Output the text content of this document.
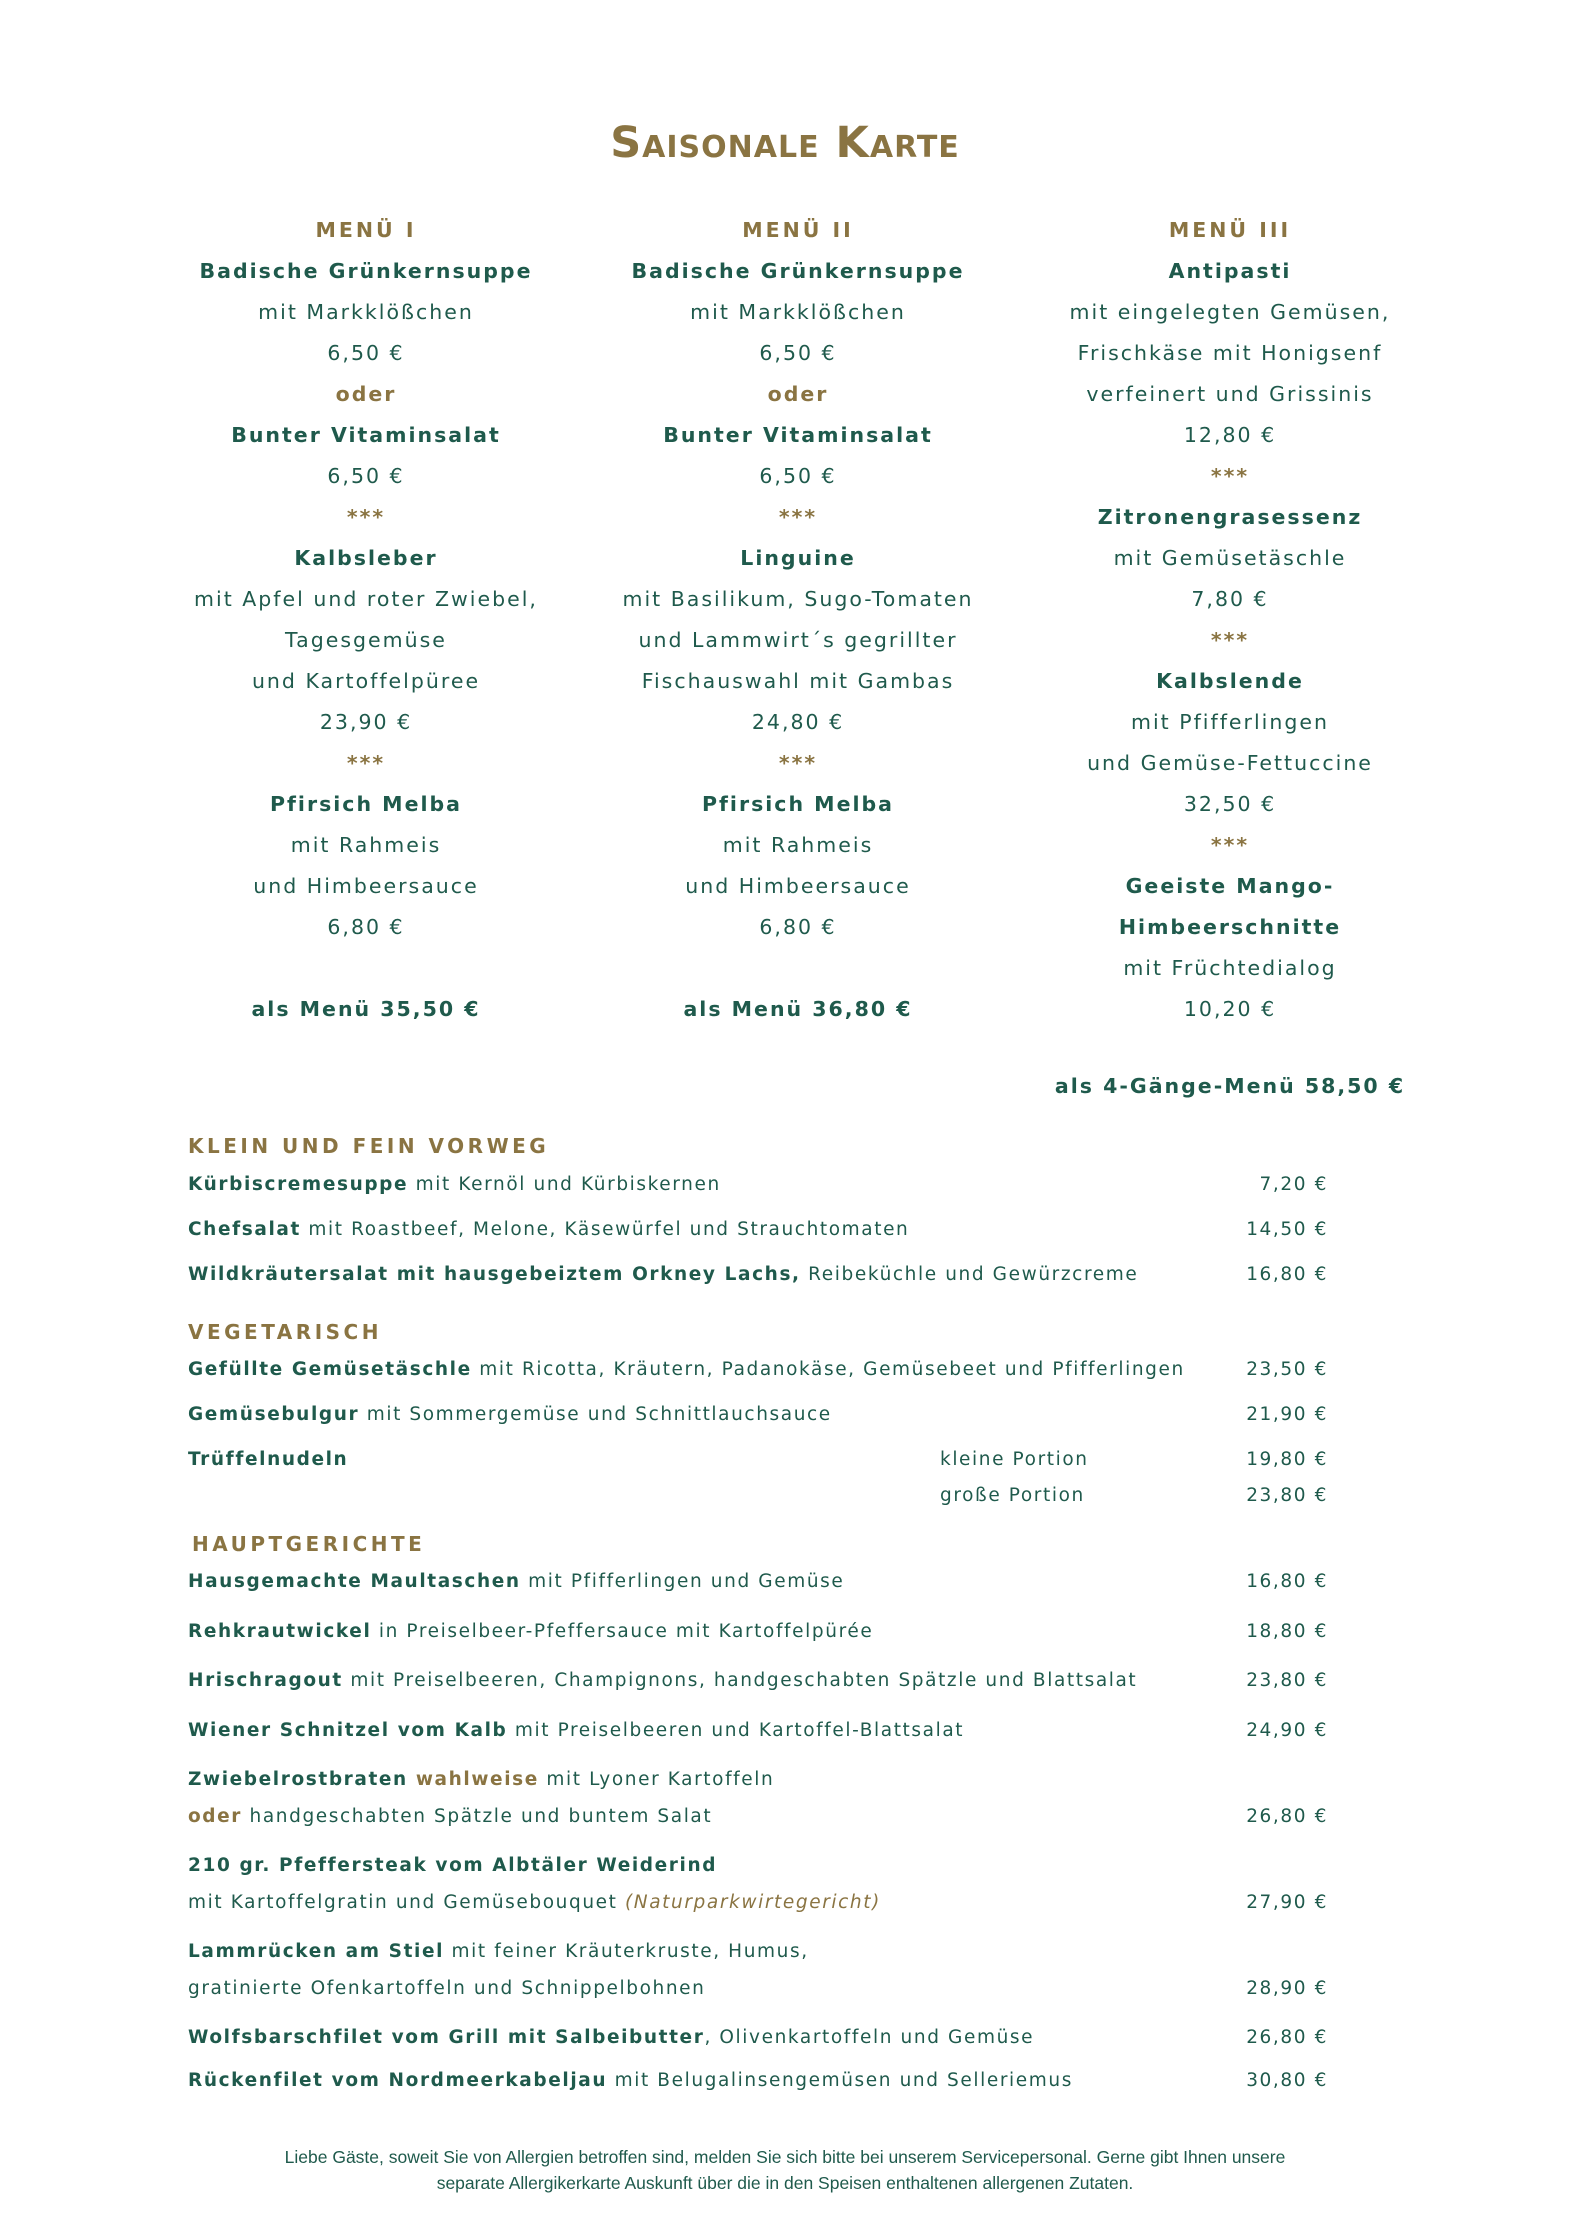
Saisonale Karte
MENÜ I
Badische Grünkernsuppe
mit Markklößchen
6,50 €
oder
Bunter Vitaminsalat
6,50 €
***
Kalbsleber
mit Apfel und roter Zwiebel,
Tagesgemüse
und Kartoffelpüree
23,90 €
***
Pfirsich Melba
mit Rahmeis
und Himbeersauce
6,80 €
als Menü 35,50 €
MENÜ II
Badische Grünkernsuppe
mit Markklößchen
6,50 €
oder
Bunter Vitaminsalat
6,50 €
***
Linguine
mit Basilikum, Sugo-Tomaten
und Lammwirt´s gegrillter
Fischauswahl mit Gambas
24,80 €
***
Pfirsich Melba
mit Rahmeis
und Himbeersauce
6,80 €
als Menü 36,80 €
MENÜ III
Antipasti
mit eingelegten Gemüsen,
Frischkäse mit Honigsenf
verfeinert und Grissinis
12,80 €
***
Zitronengrasessenz
mit Gemüsetäschle
7,80 €
***
Kalbslende
mit Pfifferlingen
und Gemüse-Fettuccine
32,50 €
***
Geeiste Mango-
Himbeerschnitte
mit Früchtedialog
10,20 €
als 4-Gänge-Menü 58,50 €
KLEIN UND FEIN VORWEG
Kürbiscremesuppe mit Kernöl und Kürbiskernen	7,20 €
Chefsalat mit Roastbeef, Melone, Käsewürfel und Strauchtomaten	14,50 €
Wildkräutersalat mit hausgebeiztem Orkney Lachs, Reibeküchle und Gewürzcreme	16,80 €
VEGETARISCH
Gefüllte Gemüsetäschle mit Ricotta, Kräutern, Padanokäse, Gemüsebeet und Pfifferlingen	23,50 €
Gemüsebulgur mit Sommergemüse und Schnittlauchsauce	21,90 €
Trüffelnudeln	kleine Portion	19,80 €
große Portion	23,80 €
HAUPTGERICHTE
Hausgemachte Maultaschen mit Pfifferlingen und Gemüse	16,80 €
Rehkrautwickel in Preiselbeer-Pfeffersauce mit Kartoffelpürée	18,80 €
Hrischragout mit Preiselbeeren, Champignons, handgeschabten Spätzle und Blattsalat	23,80 €
Wiener Schnitzel vom Kalb mit Preiselbeeren und Kartoffel-Blattsalat	24,90 €
Zwiebelrostbraten wahlweise mit Lyoner Kartoffeln
oder handgeschabten Spätzle und buntem Salat	26,80 €
210 gr. Pfeffersteak vom Albtäler Weiderind
mit Kartoffelgratin und Gemüsebouquet (Naturparkwirtegericht)	27,90 €
Lammrücken am Stiel mit feiner Kräuterkruste, Humus,
gratinierte Ofenkartoffeln und Schnippelbohnen	28,90 €
Wolfsbarschfilet vom Grill mit Salbeibutter, Olivenkartoffeln und Gemüse	26,80 €
Rückenfilet vom Nordmeerkabeljau mit Belugalinsengemüsen und Selleriemus	30,80 €
Liebe Gäste, soweit Sie von Allergien betroffen sind, melden Sie sich bitte bei unserem Servicepersonal. Gerne gibt Ihnen unsere
separate Allergikerkarte Auskunft über die in den Speisen enthaltenen allergenen Zutaten.
